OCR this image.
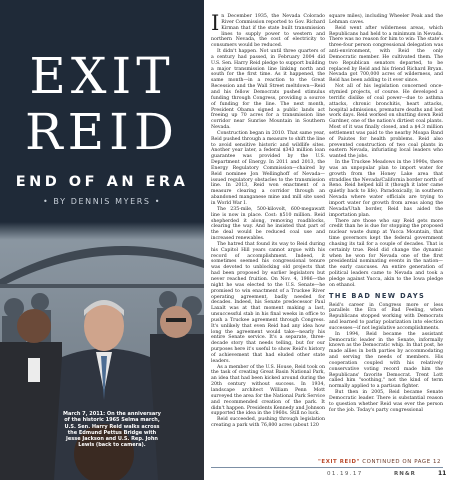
EXIT
REID
END OF AN ERA
• BY DENNIS MYERS •
March 7, 2011: On the anniversary of the historic 1965 Selma march, U.S. Sen. Harry Reid walks across the Edmund Pettus Bridge with Jesse Jackson and U.S. Rep. John Lewis (back to camera).

In December 1935, the Nevada Colorado River Commission reported to Gov. Richard Kirman that if the state built transmission lines to supply power to western and northern Nevada, the cost of electricity to consumers would be reduced.

It didn't happen. Not until three quarters of a century had passed, in February 2004 did U.S. Sen. Harry Reid pledge to support building a major transmission line linking north and south for the first time. As it happened, the same month—in a reaction to the Great Recession and the Wall Street meltdown—Reid and his fellow Democrats pushed stimulus funding through Congress, providing a source of funding for the line. The next month, President Obama signed a public lands act freeing up 70 acres for a transmission line corridor near Sunrise Mountain in Southern Nevada.

Construction began in 2010. That same year, Reid pushed through a measure to shift the line to avoid sensitive historic and wildlife sites. Another year later, a federal $343 million loan guarantee was provided by the U.S. Department of Energy. In 2011 and 2013, the Energy Regulatory Commission—chaired by Reid nominee Jon Wellinghoff of Nevada—issued regulatory obstacles to the transmission line. In 2013, Reid won enactment of a measure clearing a corridor through an abandoned manganese mine and mill site used in World War I.

The 235-mile, 500-kilovolt, 600-megawatt line is now in place. Cost: $510 million. Reid shepherded it along, removing roadblocks, clearing the way. And he insisted that part of the deal would be reduced coal use and increased renewables.

The hatred that found its way to Reid during his Capitol Hill years cannot argue with his record of accomplishment. Indeed, it sometimes seemed his congressional tenure was devoted to unblocking old projects that had been proposed by earlier legislators but never reached fruition. On Nov. 4, 1986—the night he was elected to the U.S. Senate—he promised to win enactment of a Truckee River operating agreement, badly needed for decades. Indeed, his Senate predecessor Paul Laxalt was at that moment making a last, unsuccessful stab in his final weeks in office to push a Truckee agreement through Congress. It's unlikely that even Reid had any idea how long the agreement would take—nearly his entire Senate service. It's a separate, three-decade story that needs telling, but for our purposes here it's useful to show Reid's history of achievement that had eluded other state leaders.

As a member of the U.S. House, Reid took on the task of creating Great Basin National Park, an idea that had been kicked around during the 20th century without success. In 1934, landscape architect William Penn Mott surveyed the area for the National Park Service and recommended creation of the park. It didn't happen. Presidents Kennedy and Johnson supported the idea in the 1960s. Still no luck.

Reid succeeded, pushing through legislation creating a park with 76,800 acres (about 120

square miles), including Wheeler Peak and the Lehman caves.

Reid went after wilderness areas, which Republicans had held to a minimum in Nevada. There was no reason for him to win: The state's three-four person congressional delegation was anti-environment, with Reid the only Democratic member. He cultivated them. The two Republican senators departed, to be replaced by Reid and his friend Richard Bryan. Nevada got 700,000 acres of wilderness, and Reid has been adding to it ever since.

Not all of his legislation concerned once-stymied projects, of course. He developed a terrific dislike of coal power—due to asthma attacks, chronic bronchitis, heart attacks, hospital admissions, premature deaths and lost work days. Reid worked on shutting down Reid Gardner, one of the nation's dirtiest coal plants. Most of it was finally closed, and a $4.3 million settlement was paid to the nearby Moapa Band of Paiutes for health problems. Reid also prevented construction of two coal plants in eastern Nevada, infuriating local leaders who wanted the jobs.

In the Truckee Meadows in the 1990s, there was an unpopular plan to import water for growth from the Honey Lake area that straddles the Nevada/California border north of Reno. Reid helped kill it (though it later came quietly back to life). Paradoxically, in southern Nevada where water officials are trying to import water for growth from areas along the Nevada/Utah border, Reid has aided the importation plan.

There are those who say Reid gets more credit than he is due for stopping the proposed nuclear waste dump at Yucca Mountain, that time governors kept the federal government chasing its tail for a couple of decades. That is certainly true. Reid did change the dynamic when he won for Nevada one of the first presidential nominating events in the nation—the early caucuses. An entire generation of political leaders came to Nevada and took a pledge against Yucca, akin to the Iowa pledge on ethanol.

THE BAD NEW DAYS

Reid's career in Congress more or less parallels the Era of Bad Feeling, when Republicans stopped working with Democrats and learned to parlay polarization into election successes—if not legislative accomplishments.

In 1994, Reid became the assistant Democratic leader in the Senate, informally known as the Democratic whip. In that post, he made allies in both parties by accommodating and serving the needs of members. His cooperation coupled with his relatively conservative voting record made him the Republicans' favorite Democrat. Trent Lott called him "soothing," not the kind of term normally applied to a partisan fighter.

But then in 2005, Reid became Senate Democratic leader. There is substantial reason to question whether Reid was ever the person for the job. Today's party congressional

"EXIT REID" CONTINUED ON PAGE 12
01.19.17	RN&R	11
